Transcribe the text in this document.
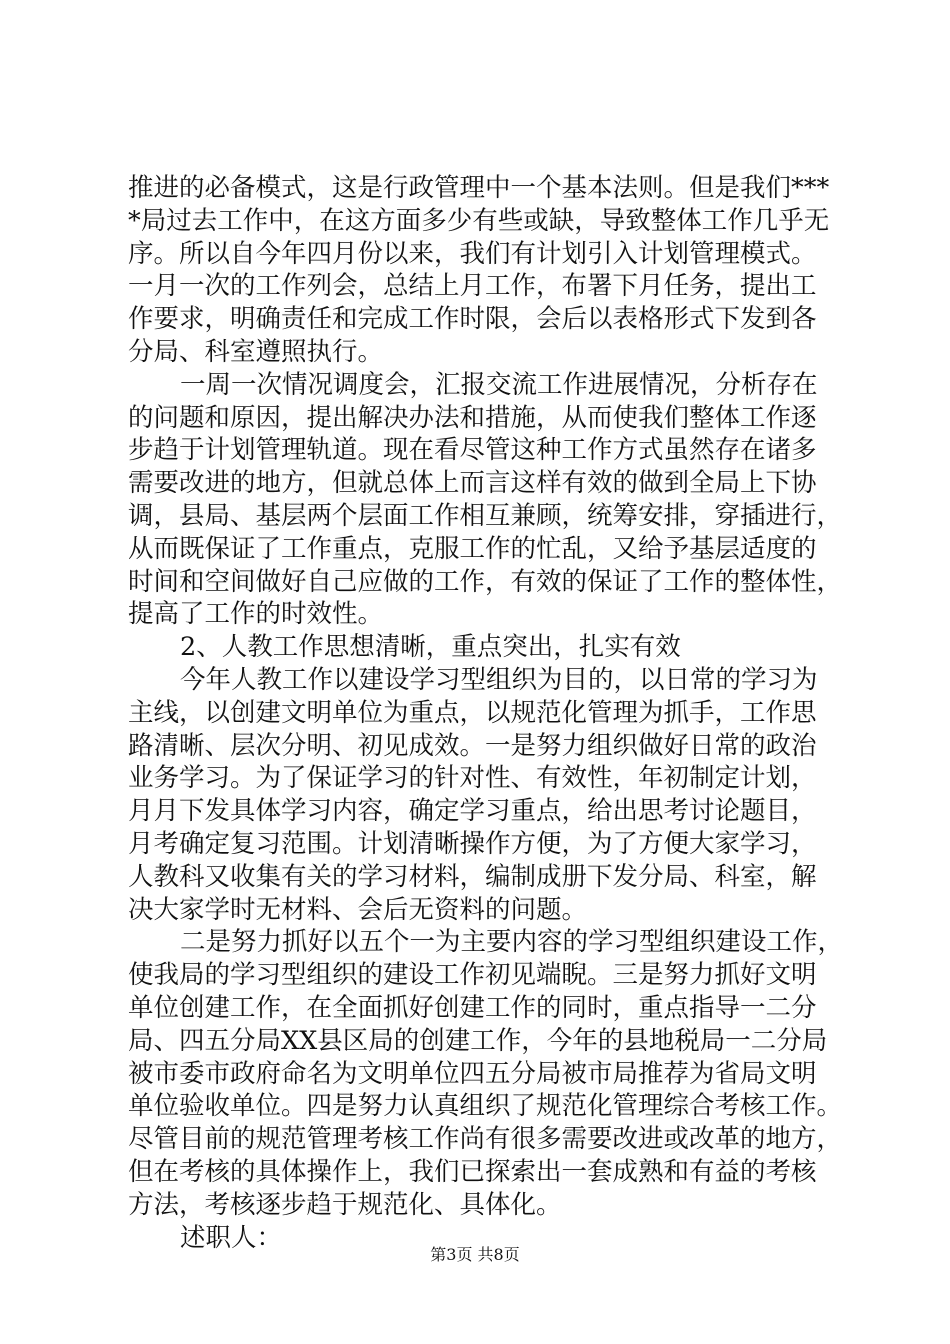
推进的必备模式，这是行政管理中一个基本法则。但是我们***
*局过去工作中，在这方面多少有些或缺，导致整体工作几乎无
序。所以自今年四月份以来，我们有计划引入计划管理模式。
一月一次的工作列会，总结上月工作，布署下月任务，提出工
作要求，明确责任和完成工作时限，会后以表格形式下发到各
分局、科室遵照执行。
一周一次情况调度会，汇报交流工作进展情况，分析存在
的问题和原因，提出解决办法和措施，从而使我们整体工作逐
步趋于计划管理轨道。现在看尽管这种工作方式虽然存在诸多
需要改进的地方，但就总体上而言这样有效的做到全局上下协
调，县局、基层两个层面工作相互兼顾，统筹安排，穿插进行，
从而既保证了工作重点，克服工作的忙乱，又给予基层适度的
时间和空间做好自己应做的工作，有效的保证了工作的整体性，
提高了工作的时效性。
2、人教工作思想清晰，重点突出，扎实有效
今年人教工作以建设学习型组织为目的，以日常的学习为
主线，以创建文明单位为重点，以规范化管理为抓手，工作思
路清晰、层次分明、初见成效。一是努力组织做好日常的政治
业务学习。为了保证学习的针对性、有效性，年初制定计划，
月月下发具体学习内容，确定学习重点，给出思考讨论题目，
月考确定复习范围。计划清晰操作方便，为了方便大家学习，
人教科又收集有关的学习材料，编制成册下发分局、科室，解
决大家学时无材料、会后无资料的问题。
二是努力抓好以五个一为主要内容的学习型组织建设工作，
使我局的学习型组织的建设工作初见端睨。三是努力抓好文明
单位创建工作，在全面抓好创建工作的同时，重点指导一二分
局、四五分局XX县区局的创建工作，今年的县地税局一二分局
被市委市政府命名为文明单位四五分局被市局推荐为省局文明
单位验收单位。四是努力认真组织了规范化管理综合考核工作。
尽管目前的规范管理考核工作尚有很多需要改进或改革的地方，
但在考核的具体操作上，我们已探索出一套成熟和有益的考核
方法，考核逐步趋于规范化、具体化。
述职人：
第3页 共8页
